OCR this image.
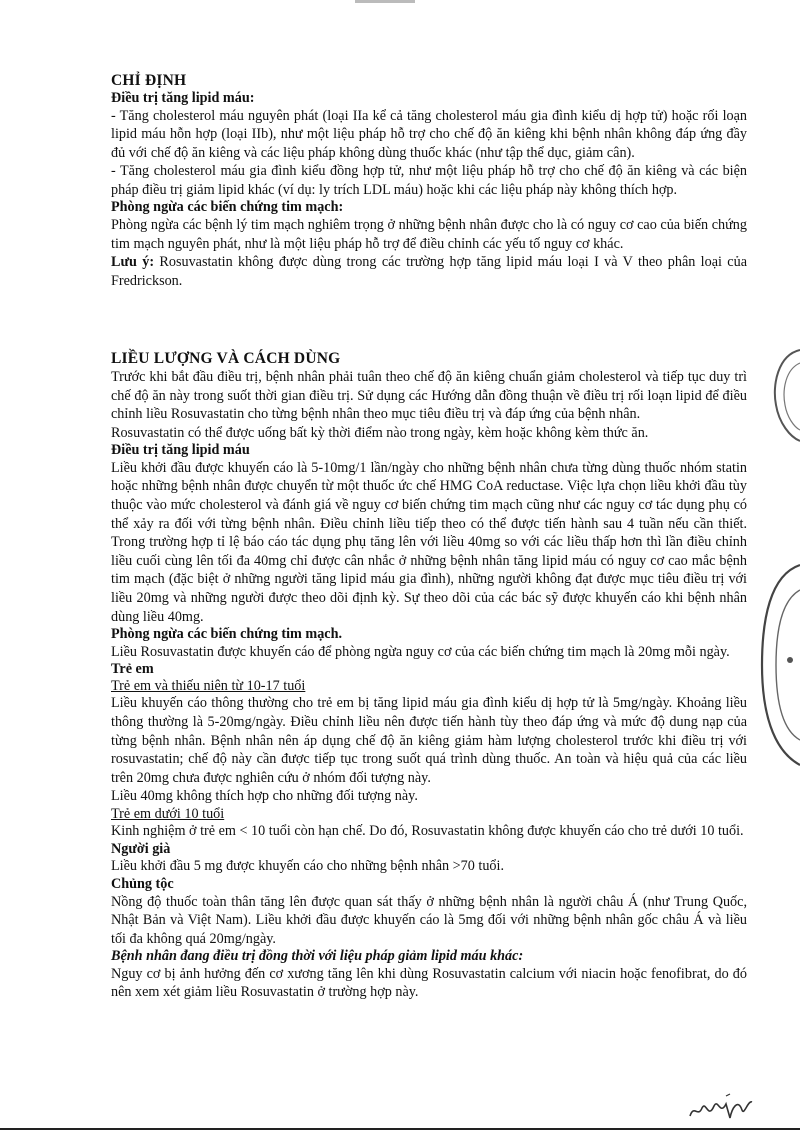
CHỈ ĐỊNH

Điều trị tăng lipid máu:

- Tăng cholesterol máu nguyên phát (loại IIa kể cả tăng cholesterol máu gia đình kiểu dị hợp tử) hoặc rối loạn lipid máu hỗn hợp (loại IIb), như một liệu pháp hỗ trợ cho chế độ ăn kiêng khi bệnh nhân không đáp ứng đầy đủ với chế độ ăn kiêng và các liệu pháp không dùng thuốc khác (như tập thể dục, giảm cân).

- Tăng cholesterol máu gia đình kiểu đồng hợp tử, như một liệu pháp hỗ trợ cho chế độ ăn kiêng và các biện pháp điều trị giảm lipid khác (ví dụ: ly trích LDL máu) hoặc khi các liệu pháp này không thích hợp.

Phòng ngừa các biến chứng tim mạch:

Phòng ngừa các bệnh lý tim mạch nghiêm trọng ở những bệnh nhân được cho là có nguy cơ cao của biến chứng tim mạch nguyên phát, như là một liệu pháp hỗ trợ để điều chỉnh các yếu tố nguy cơ khác.

Lưu ý: Rosuvastatin không được dùng trong các trường hợp tăng lipid máu loại I và V theo phân loại của Fredrickson.

LIỀU LƯỢNG VÀ CÁCH DÙNG

Trước khi bắt đầu điều trị, bệnh nhân phải tuân theo chế độ ăn kiêng chuẩn giảm cholesterol và tiếp tục duy trì chế độ ăn này trong suốt thời gian điều trị. Sử dụng các Hướng dẫn đồng thuận về điều trị rối loạn lipid để điều chỉnh liều Rosuvastatin cho từng bệnh nhân theo mục tiêu điều trị và đáp ứng của bệnh nhân.

Rosuvastatin có thể được uống bất kỳ thời điểm nào trong ngày, kèm hoặc không kèm thức ăn.

Điều trị tăng lipid máu

Liều khởi đầu được khuyến cáo là 5-10mg/1 lần/ngày cho những bệnh nhân chưa từng dùng thuốc nhóm statin hoặc những bệnh nhân được chuyển từ một thuốc ức chế HMG CoA reductase. Việc lựa chọn liều khởi đầu tùy thuộc vào mức cholesterol và đánh giá về nguy cơ biến chứng tim mạch cũng như các nguy cơ tác dụng phụ có thể xảy ra đối với từng bệnh nhân. Điều chỉnh liều tiếp theo có thể được tiến hành sau 4 tuần nếu cần thiết. Trong trường hợp tỉ lệ báo cáo tác dụng phụ tăng lên với liều 40mg so với các liều thấp hơn thì lần điều chỉnh liều cuối cùng lên tối đa 40mg chỉ được cân nhắc ở những bệnh nhân tăng lipid máu có nguy cơ cao mắc bệnh tim mạch (đặc biệt ở những người tăng lipid máu gia đình), những người không đạt được mục tiêu điều trị với liều 20mg và những người được theo dõi định kỳ. Sự theo dõi của các bác sỹ được khuyến cáo khi bệnh nhân dùng liều 40mg.

Phòng ngừa các biến chứng tim mạch.

Liều Rosuvastatin được khuyến cáo để phòng ngừa nguy cơ của các biến chứng tim mạch là 20mg mỗi ngày.

Trẻ em

Trẻ em và thiếu niên từ 10-17 tuổi

Liều khuyến cáo thông thường cho trẻ em bị tăng lipid máu gia đình kiểu dị hợp tử là 5mg/ngày. Khoảng liều thông thường là 5-20mg/ngày. Điều chỉnh liều nên được tiến hành tùy theo đáp ứng và mức độ dung nạp của từng bệnh nhân. Bệnh nhân nên áp dụng chế độ ăn kiêng giảm hàm lượng cholesterol trước khi điều trị với rosuvastatin; chế độ này cần được tiếp tục trong suốt quá trình dùng thuốc. An toàn và hiệu quả của các liều trên 20mg chưa được nghiên cứu ở nhóm đối tượng này.

Liều 40mg không thích hợp cho những đối tượng này.

Trẻ em dưới 10 tuổi

Kinh nghiệm ở trẻ em < 10 tuổi còn hạn chế. Do đó, Rosuvastatin không được khuyến cáo cho trẻ dưới 10 tuổi.

Người già

Liều khởi đầu 5 mg được khuyến cáo cho những bệnh nhân >70 tuổi.

Chủng tộc

Nồng độ thuốc toàn thân tăng lên được quan sát thấy ở những bệnh nhân là người châu Á (như Trung Quốc, Nhật Bản và Việt Nam). Liều khởi đầu được khuyến cáo là 5mg đối với những bệnh nhân gốc châu Á và liều tối đa không quá 20mg/ngày.

Bệnh nhân đang điều trị đồng thời với liệu pháp giảm lipid máu khác:

Nguy cơ bị ảnh hưởng đến cơ xương tăng lên khi dùng Rosuvastatin calcium với niacin hoặc fenofibrat, do đó nên xem xét giảm liều Rosuvastatin ở trường hợp này.
